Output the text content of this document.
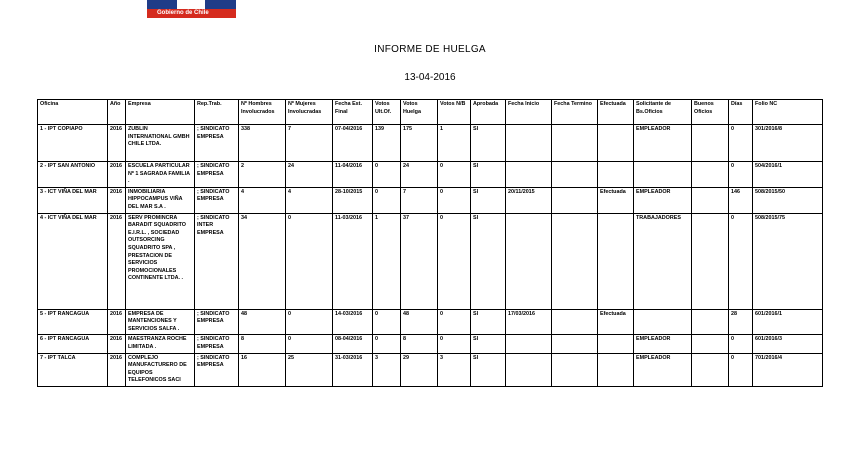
Gobierno de Chile
INFORME DE HUELGA
13-04-2016
Oficina	Año	Empresa	Rep.Trab.	Nº Hombres Involucrados	Nº Mujeres Involucradas	Fecha Est. Final	Votos Ult.Of.	Votos Huelga	Votos N/B	Aprobada	Fecha Inicio	Fecha Termino	Efectuada	Solicitante de Bs.Oficios	Buenos Oficios	Días	Folio NC
1 - IPT COPIAPO	2016	ZUBLIN INTERNATIONAL GMBH CHILE LTDA.	; SINDICATO EMPRESA	338	7	07-04/2016	139	175	1	SI				EMPLEADOR		0	301/2016/8
2 - IPT SAN ANTONIO	2016	ESCUELA PARTICULAR Nº 1 SAGRADA FAMILIA .	; SINDICATO EMPRESA	2	24	11-04/2016	0	24	0	SI						0	504/2016/1
3 - ICT VIÑA DEL MAR	2016	INMOBILIARIA HIPPOCAMPUS VIÑA DEL MAR S.A .	; SINDICATO EMPRESA	4	4	28-10/2015	0	7	0	SI	20/11/2015		Efectuada	EMPLEADOR		146	508/2015/50
4 - ICT VIÑA DEL MAR	2016	SERV PROMINCRA BARADIT SQUADRITO E.I.R.L. , SOCIEDAD OUTSORCING SQUADRITO SPA , PRESTACION DE SERVICIOS PROMOCIONALES CONTINENTE LTDA. .	; SINDICATO INTER EMPRESA	34	0	11-03/2016	1	37	0	SI				TRABAJADORES		0	508/2015/75
5 - IPT RANCAGUA	2016	EMPRESA DE MANTENCIONES Y SERVICIOS SALFA .	; SINDICATO EMPRESA	48	0	14-03/2016	0	48	0	SI	17/03/2016		Efectuada			28	601/2016/1
6 - IPT RANCAGUA	2016	MAESTRANZA ROCHE LIMITADA .	; SINDICATO EMPRESA	8	0	08-04/2016	0	8	0	SI				EMPLEADOR		0	601/2016/3
7 - IPT TALCA	2016	COMPLEJO MANUFACTURERO DE EQUIPOS TELEFONICOS SACI	; SINDICATO EMPRESA	16	25	31-03/2016	3	29	3	SI				EMPLEADOR		0	701/2016/4
